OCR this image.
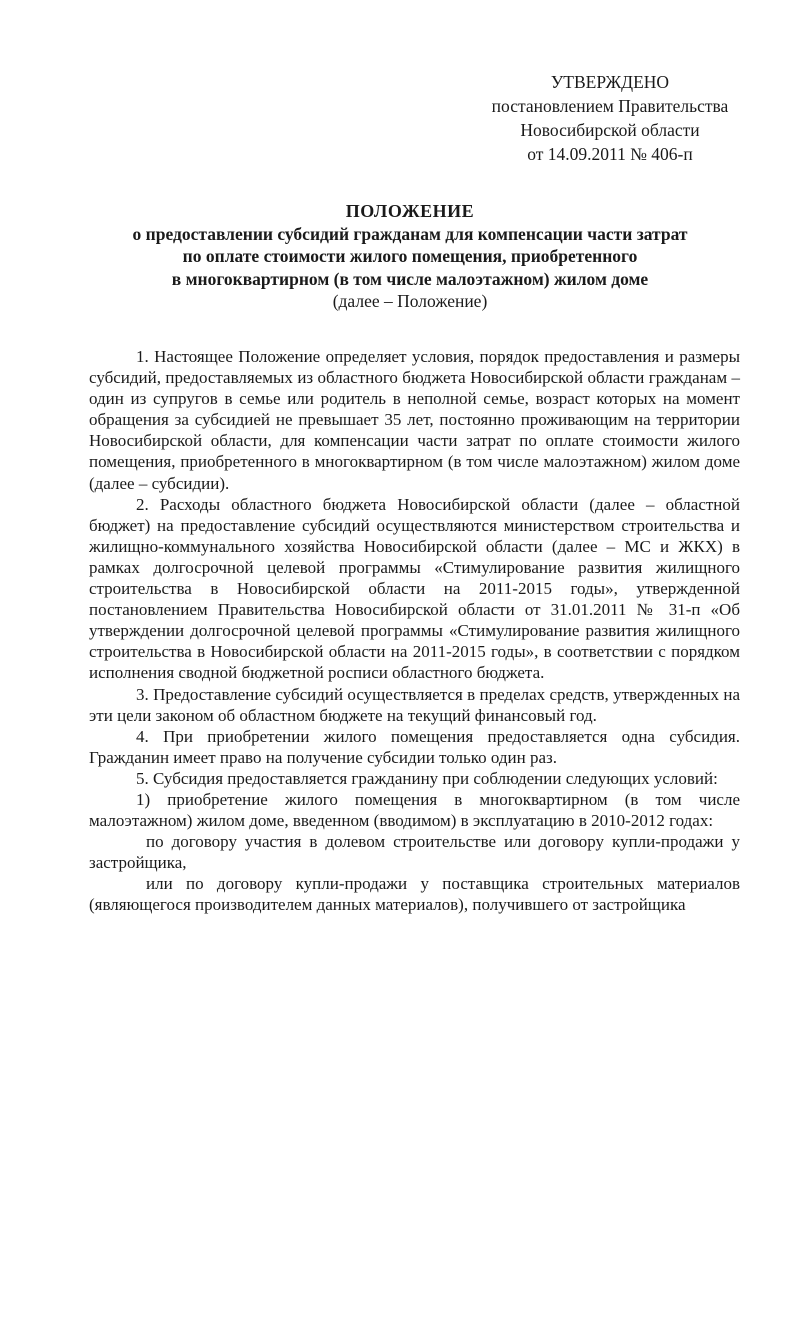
УТВЕРЖДЕНО
постановлением Правительства
Новосибирской области
от 14.09.2011 № 406-п
ПОЛОЖЕНИЕ
о предоставлении субсидий гражданам для компенсации части затрат
по оплате стоимости жилого помещения, приобретенного
в многоквартирном (в том числе малоэтажном) жилом доме
(далее – Положение)

1. Настоящее Положение определяет условия, порядок предоставления и размеры субсидий, предоставляемых из областного бюджета Новосибирской области гражданам – один из супругов в семье или родитель в неполной семье, возраст которых на момент обращения за субсидией не превышает 35 лет, постоянно проживающим на территории Новосибирской области, для компенсации части затрат по оплате стоимости жилого помещения, приобретенного в многоквартирном (в том числе малоэтажном) жилом доме (далее – субсидии).

2. Расходы областного бюджета Новосибирской области (далее – областной бюджет) на предоставление субсидий осуществляются министерством строительства и жилищно-коммунального хозяйства Новосибирской области (далее – МС и ЖКХ) в рамках долгосрочной целевой программы «Стимулирование развития жилищного строительства в Новосибирской области на 2011-2015 годы», утвержденной постановлением Правительства Новосибирской области от 31.01.2011 № 31-п «Об утверждении долгосрочной целевой программы «Стимулирование развития жилищного строительства в Новосибирской области на 2011-2015 годы», в соответствии с порядком исполнения сводной бюджетной росписи областного бюджета.

3. Предоставление субсидий осуществляется в пределах средств, утвержденных на эти цели законом об областном бюджете на текущий финансовый год.

4. При приобретении жилого помещения предоставляется одна субсидия. Гражданин имеет право на получение субсидии только один раз.

5. Субсидия предоставляется гражданину при соблюдении следующих условий:

1) приобретение жилого помещения в многоквартирном (в том числе малоэтажном) жилом доме, введенном (вводимом) в эксплуатацию в 2010-2012 годах:

по договору участия в долевом строительстве или договору купли-продажи у застройщика,

или по договору купли-продажи у поставщика строительных материалов (являющегося производителем данных материалов), получившего от застройщика
